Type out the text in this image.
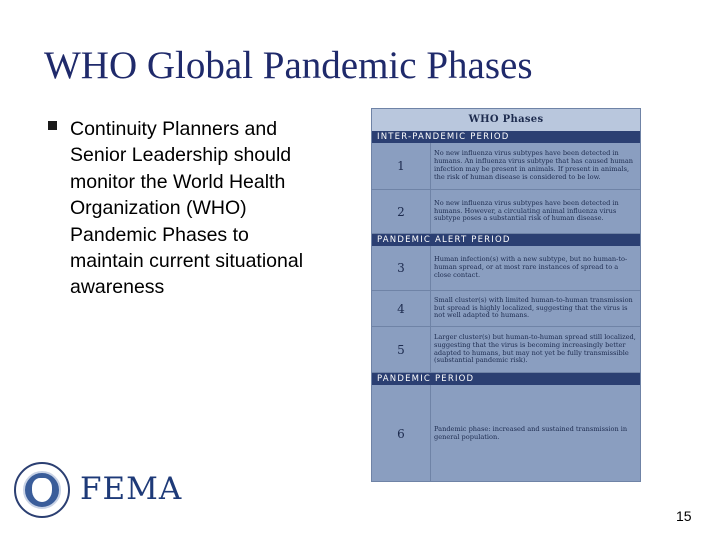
WHO Global Pandemic Phases
Continuity Planners and Senior Leadership should monitor the World Health Organization (WHO) Pandemic Phases to maintain current situational awareness
WHO Phases
INTER-PANDEMIC PERIOD
1
No new influenza virus subtypes have been detected in humans. An influenza virus subtype that has caused human infection may be present in animals. If present in animals, the risk of human disease is considered to be low.
2
No new influenza virus subtypes have been detected in humans. However, a circulating animal influenza virus subtype poses a substantial risk of human disease.
PANDEMIC ALERT PERIOD
3
Human infection(s) with a new subtype, but no human-to-human spread, or at most rare instances of spread to a close contact.
4
Small cluster(s) with limited human-to-human transmission but spread is highly localized, suggesting that the virus is not well adapted to humans.
5
Larger cluster(s) but human-to-human spread still localized, suggesting that the virus is becoming increasingly better adapted to humans, but may not yet be fully transmissible (substantial pandemic risk).
PANDEMIC PERIOD
6	Pandemic phase: increased and sustained transmission in general population.
FEMA
15
